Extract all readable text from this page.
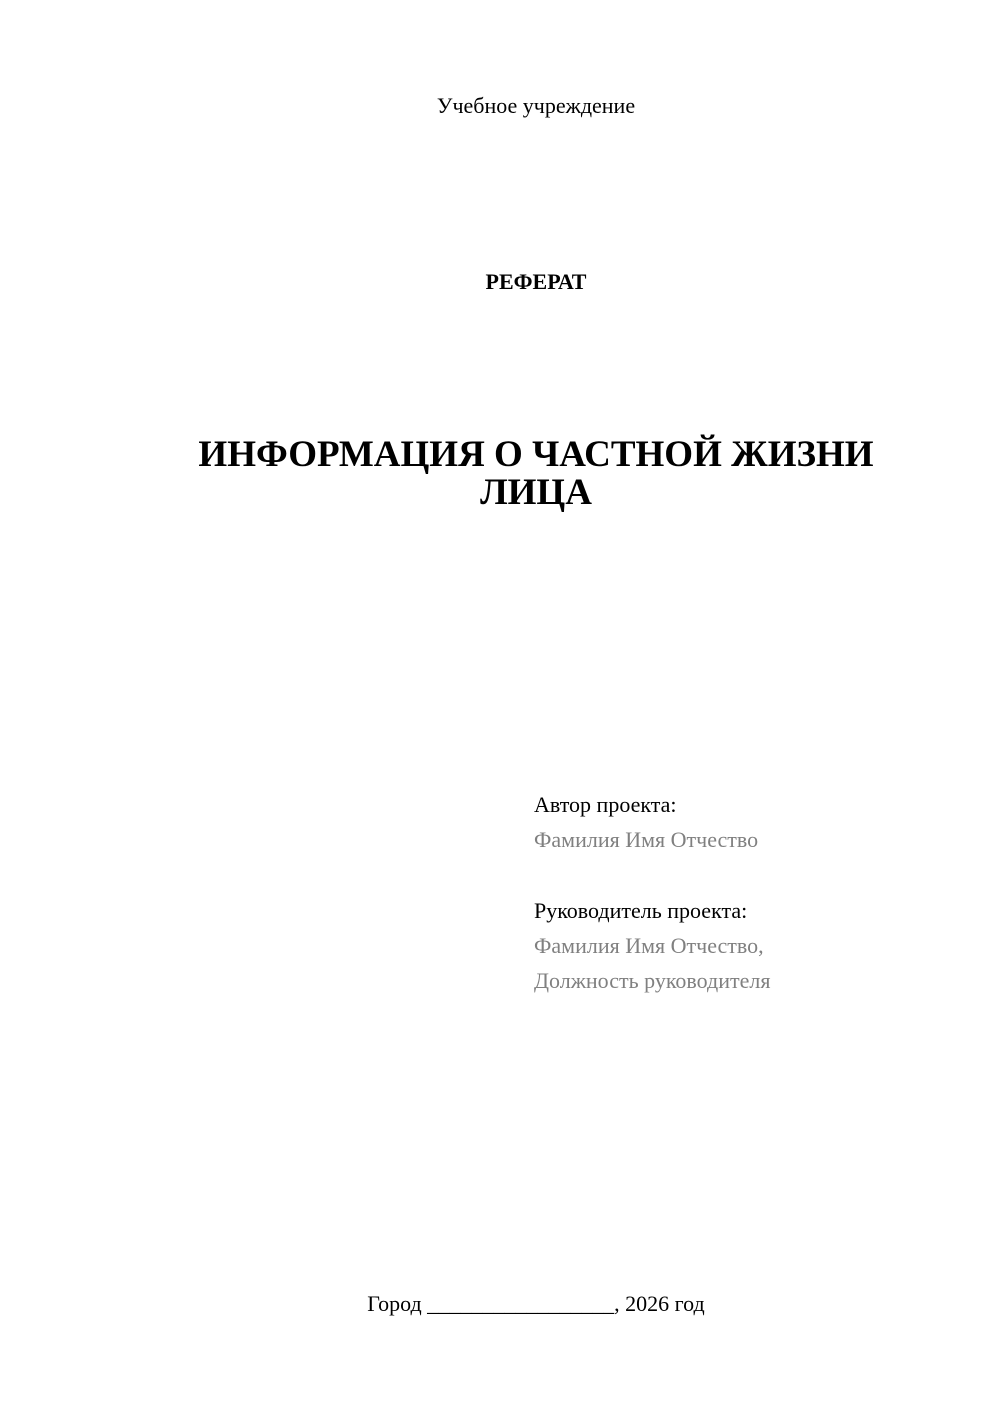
Учебное учреждение
РЕФЕРАТ
ИНФОРМАЦИЯ О ЧАСТНОЙ ЖИЗНИ ЛИЦА
Автор проекта:
Фамилия Имя Отчество
Руководитель проекта:
Фамилия Имя Отчество,
Должность руководителя
Город _________________, 2026 год
